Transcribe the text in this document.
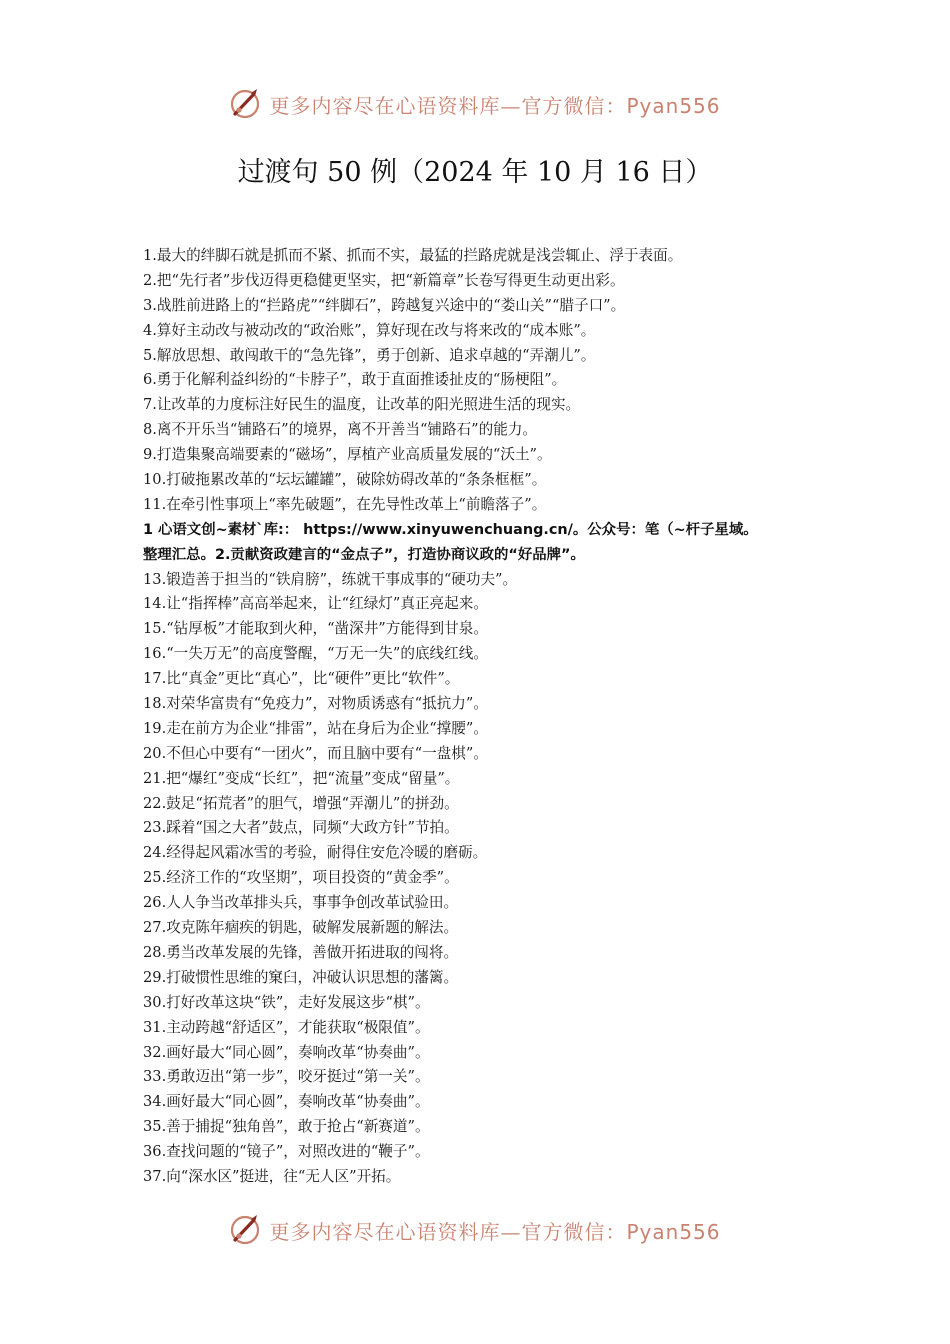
更多内容尽在心语资料库—官方微信：Pyan556
过渡句 50 例（2024 年 10 月 16 日）
1.最大的绊脚石就是抓而不紧、抓而不实，最猛的拦路虎就是浅尝辄止、浮于表面。
2.把“先行者”步伐迈得更稳健更坚实，把“新篇章”长卷写得更生动更出彩。
3.战胜前进路上的“拦路虎”“绊脚石”，跨越复兴途中的“娄山关”“腊子口”。
4.算好主动改与被动改的“政治账”，算好现在改与将来改的“成本账”。
5.解放思想、敢闯敢干的“急先锋”，勇于创新、追求卓越的“弄潮儿”。
6.勇于化解利益纠纷的“卡脖子”，敢于直面推诿扯皮的“肠梗阻”。
7.让改革的力度标注好民生的温度，让改革的阳光照进生活的现实。
8.离不开乐当“铺路石”的境界，离不开善当“铺路石”的能力。
9.打造集聚高端要素的“磁场”，厚植产业高质量发展的“沃土”。
10.打破拖累改革的“坛坛罐罐”，破除妨碍改革的“条条框框”。
11.在牵引性事项上“率先破题”，在先导性改革上“前瞻落子”。
1 心语文创~素材`库:： https://www.xinyuwenchuang.cn/。公众号：笔（~杆子星域。
整理汇总。2.贡献资政建言的“金点子”，打造协商议政的“好品牌”。
13.锻造善于担当的“铁肩膀”，练就干事成事的“硬功夫”。
14.让“指挥棒”高高举起来，让“红绿灯”真正亮起来。
15.“钻厚板”才能取到火种，“凿深井”方能得到甘泉。
16.“一失万无”的高度警醒，“万无一失”的底线红线。
17.比“真金”更比“真心”，比“硬件”更比“软件”。
18.对荣华富贵有“免疫力”，对物质诱惑有“抵抗力”。
19.走在前方为企业“排雷”，站在身后为企业“撑腰”。
20.不但心中要有“一团火”，而且脑中要有“一盘棋”。
21.把“爆红”变成“长红”，把“流量”变成“留量”。
22.鼓足“拓荒者”的胆气，增强“弄潮儿”的拼劲。
23.踩着“国之大者”鼓点，同频“大政方针”节拍。
24.经得起风霜冰雪的考验，耐得住安危冷暖的磨砺。
25.经济工作的“攻坚期”，项目投资的“黄金季”。
26.人人争当改革排头兵，事事争创改革试验田。
27.攻克陈年痼疾的钥匙，破解发展新题的解法。
28.勇当改革发展的先锋，善做开拓进取的闯将。
29.打破惯性思维的窠臼，冲破认识思想的藩篱。
30.打好改革这块“铁”，走好发展这步“棋”。
31.主动跨越“舒适区”，才能获取“极限值”。
32.画好最大“同心圆”，奏响改革“协奏曲”。
33.勇敢迈出“第一步”，咬牙挺过“第一关”。
34.画好最大“同心圆”，奏响改革“协奏曲”。
35.善于捕捉“独角兽”，敢于抢占“新赛道”。
36.查找问题的“镜子”，对照改进的“鞭子”。
37.向“深水区”挺进，往“无人区”开拓。
更多内容尽在心语资料库—官方微信：Pyan556
